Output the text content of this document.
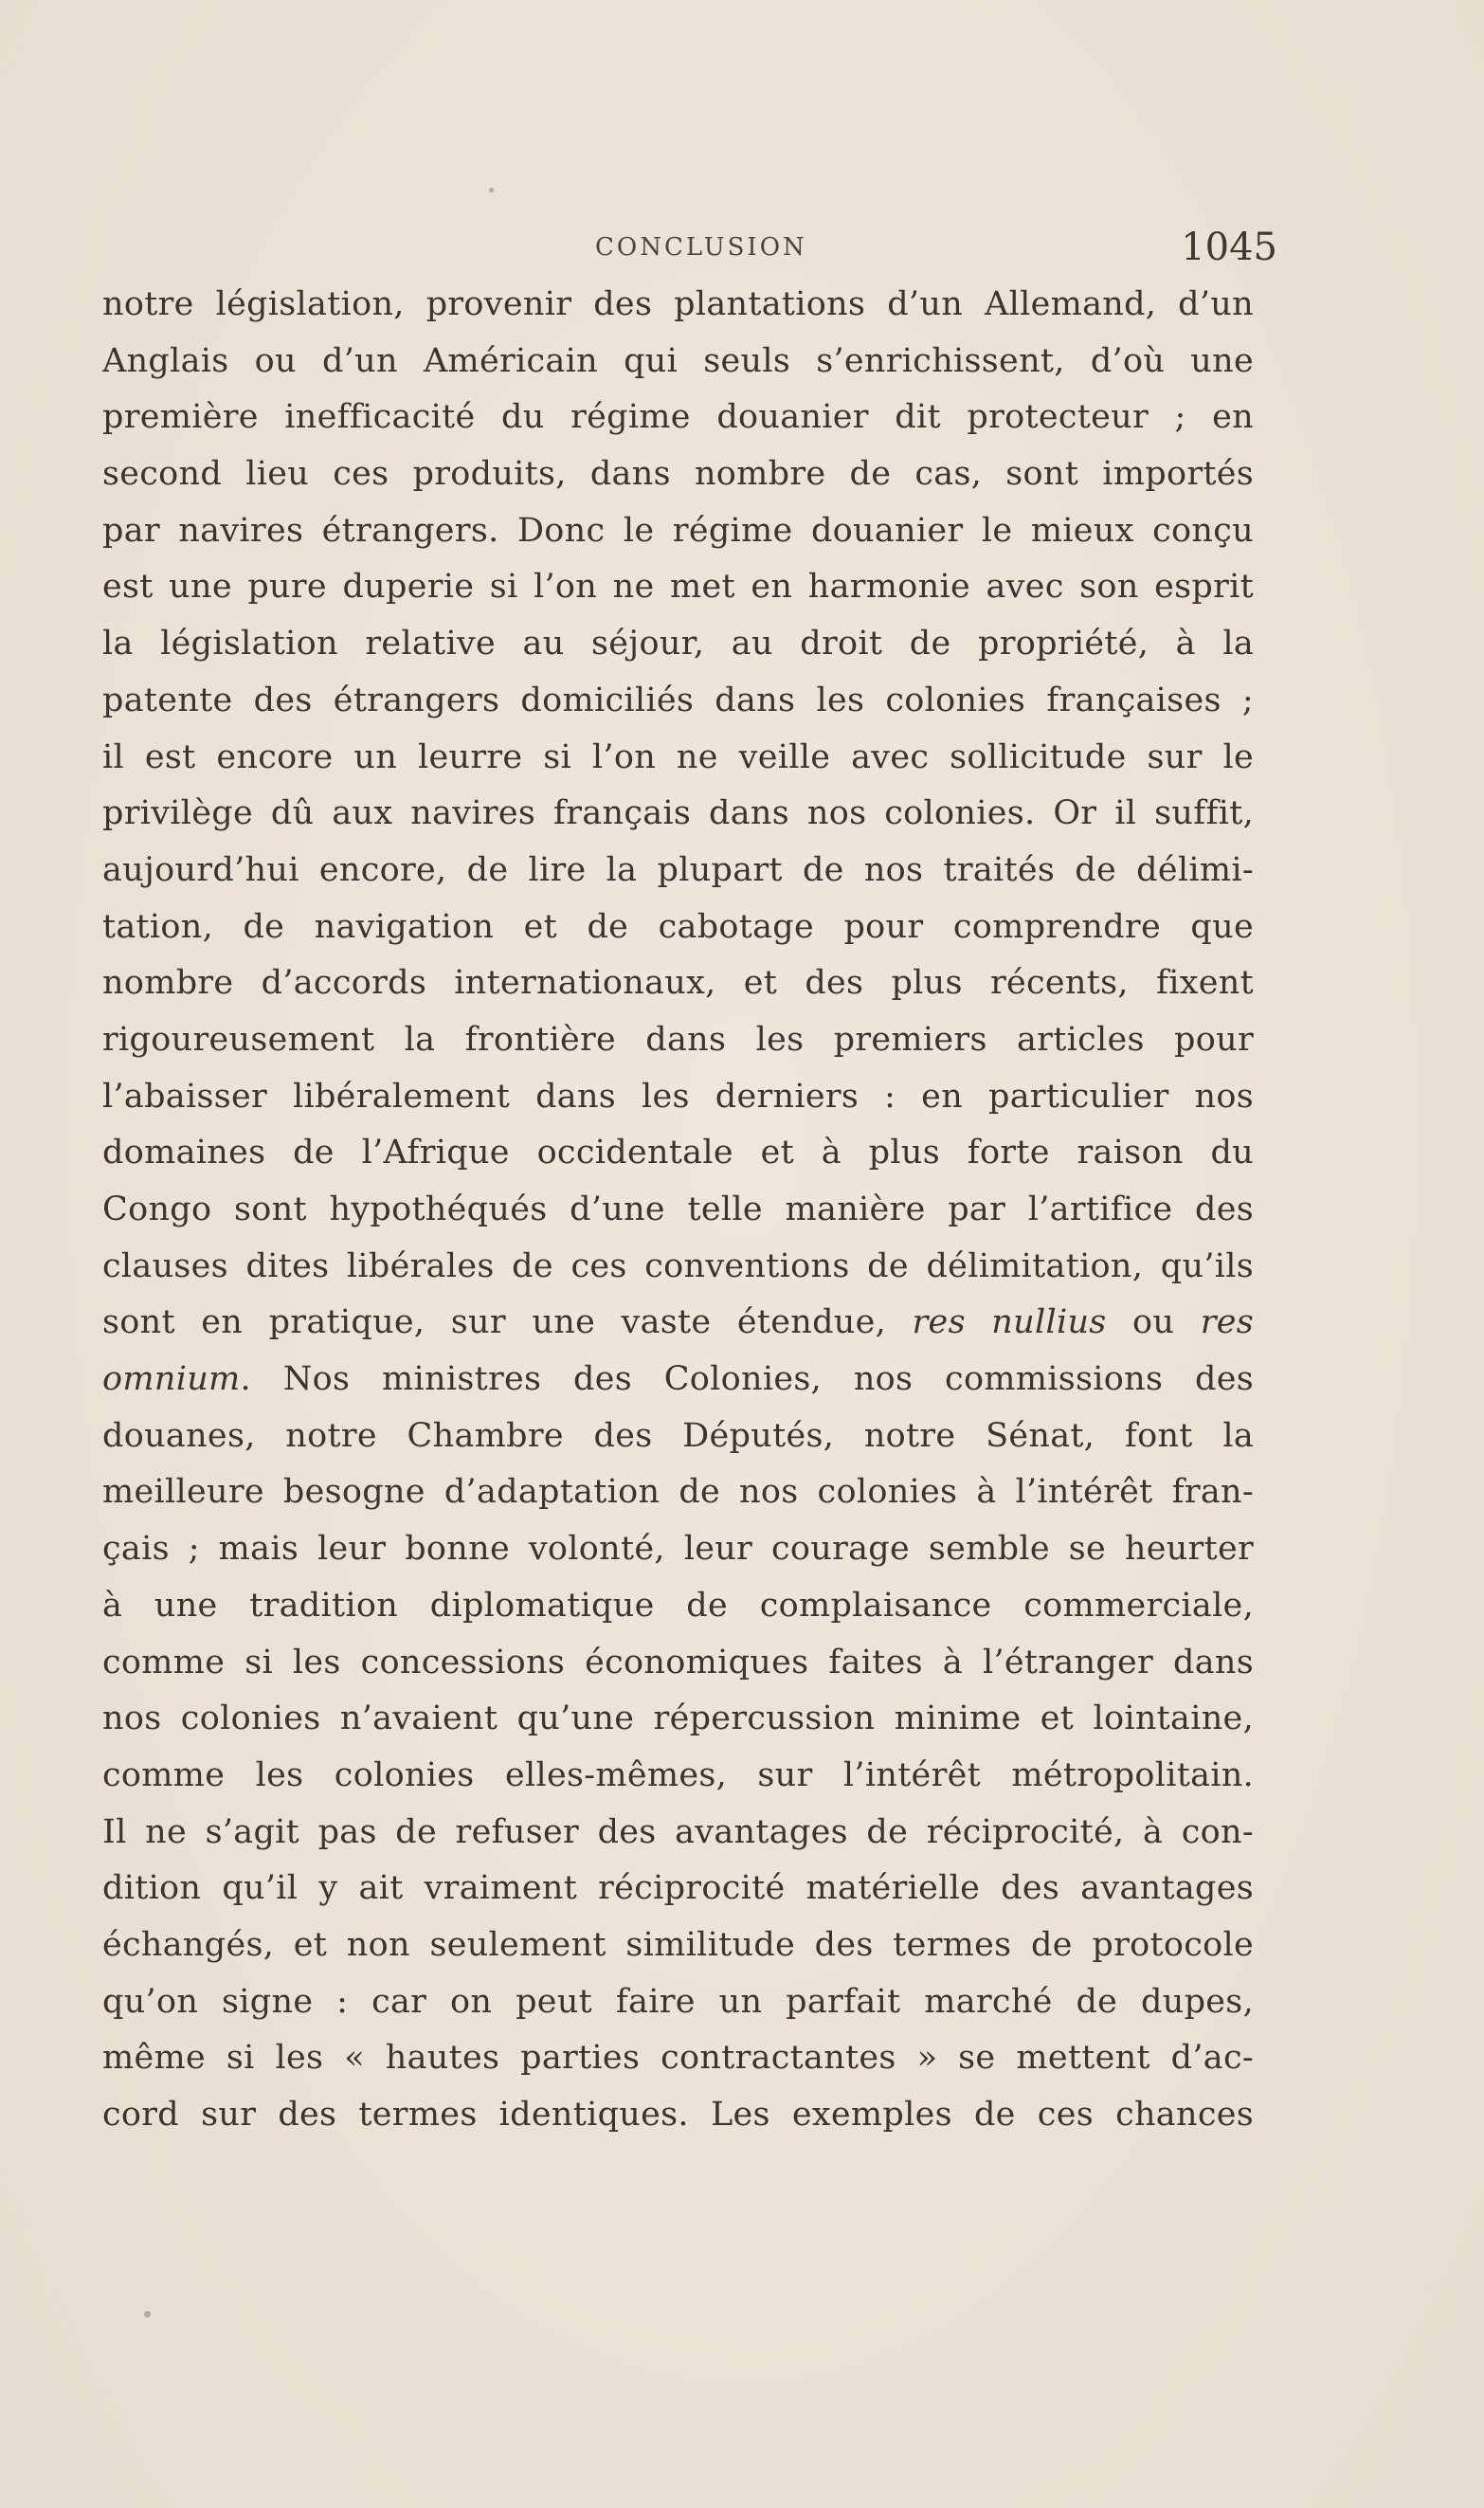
CONCLUSION	1045
notre législation, provenir des plantations d’un Allemand, d’un
Anglais ou d’un Américain qui seuls s’enrichissent, d’où une
première inefficacité du régime douanier dit protecteur ; en
second lieu ces produits, dans nombre de cas, sont importés
par navires étrangers. Donc le régime douanier le mieux conçu
est une pure duperie si l’on ne met en harmonie avec son esprit
la législation relative au séjour, au droit de propriété, à la
patente des étrangers domiciliés dans les colonies françaises ;
il est encore un leurre si l’on ne veille avec sollicitude sur le
privilège dû aux navires français dans nos colonies. Or il suffit,
aujourd’hui encore, de lire la plupart de nos traités de délimi-
tation, de navigation et de cabotage pour comprendre que
nombre d’accords internationaux, et des plus récents, fixent
rigoureusement la frontière dans les premiers articles pour
l’abaisser libéralement dans les derniers : en particulier nos
domaines de l’Afrique occidentale et à plus forte raison du
Congo sont hypothéqués d’une telle manière par l’artifice des
clauses dites libérales de ces conventions de délimitation, qu’ils
sont en pratique, sur une vaste étendue, res nullius ou res
omnium. Nos ministres des Colonies, nos commissions des
douanes, notre Chambre des Députés, notre Sénat, font la
meilleure besogne d’adaptation de nos colonies à l’intérêt fran-
çais ; mais leur bonne volonté, leur courage semble se heurter
à une tradition diplomatique de complaisance commerciale,
comme si les concessions économiques faites à l’étranger dans
nos colonies n’avaient qu’une répercussion minime et lointaine,
comme les colonies elles-mêmes, sur l’intérêt métropolitain.
Il ne s’agit pas de refuser des avantages de réciprocité, à con-
dition qu’il y ait vraiment réciprocité matérielle des avantages
échangés, et non seulement similitude des termes de protocole
qu’on signe : car on peut faire un parfait marché de dupes,
même si les « hautes parties contractantes » se mettent d’ac-
cord sur des termes identiques. Les exemples de ces chances
